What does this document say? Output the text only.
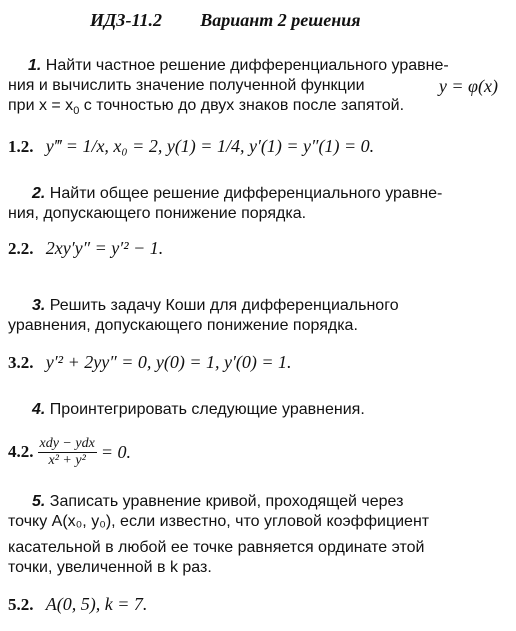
ИДЗ-11.2 Вариант 2 решения
1. Найти частное решение дифференциального уравне-
ния и вычислить значение полученной функции	y = φ(x)
при $x = x_0$ с точностью до двух знаков после запятой.
1.2. y‴ = 1/x, x₀ = 2, y(1) = 1/4, y′(1) = y″(1) = 0.
2. Найти общее решение дифференциального уравне-
ния, допускающего понижение порядка.
2.2. 2xy′y″ = y′² − 1.
3. Решить задачу Коши для дифференциального
уравнения, допускающего понижение порядка.
3.2. y′² + 2yy″ = 0, y(0) = 1, y′(0) = 1.
4. Проинтегрировать следующие уравнения.
4.2. $\frac{\text{xdy − ydx}}{\text{x² + y²}} = 0$.
5. Записать уравнение кривой, проходящей через
точку A(x₀, y₀), если известно, что угловой коэффициент
касательной в любой ее точке равняется ординате этой
точки, увеличенной в k раз.
5.2. A(0, 5), k = 7.
